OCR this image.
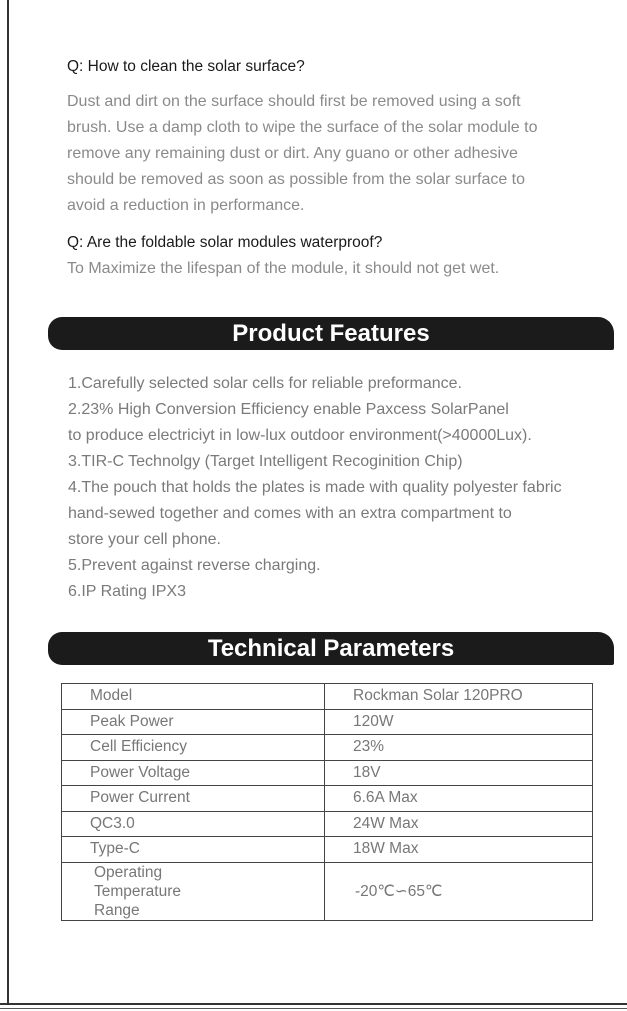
Q: How to clean the solar surface?
Dust and dirt on the surface should first be removed using a soft
brush. Use a damp cloth to wipe the surface of the solar module to
remove any remaining dust or dirt. Any guano or other adhesive
should be removed as soon as possible from the solar surface to
avoid a reduction in performance.
Q: Are the foldable solar modules waterproof?
To Maximize the lifespan of the module, it should not get wet.
Product Features
1.Carefully selected solar cells for reliable preformance.
2.23% High Conversion Efficiency enable Paxcess SolarPanel
to produce electriciyt in low-lux outdoor environment(>40000Lux).
3.TIR-C Technolgy (Target Intelligent Recoginition Chip)
4.The pouch that holds the plates is made with quality polyester fabric
hand-sewed together and comes with an extra compartment to
store your cell phone.
5.Prevent against reverse charging.
6.IP Rating IPX3
Technical Parameters
Model	Rockman Solar 120PRO
Peak Power	120W
Cell Efficiency	23%
Power Voltage	18V
Power Current	6.6A Max
QC3.0	24W Max
Type-C	18W Max

Operating
Temperature
Range	-20℃∽65℃
